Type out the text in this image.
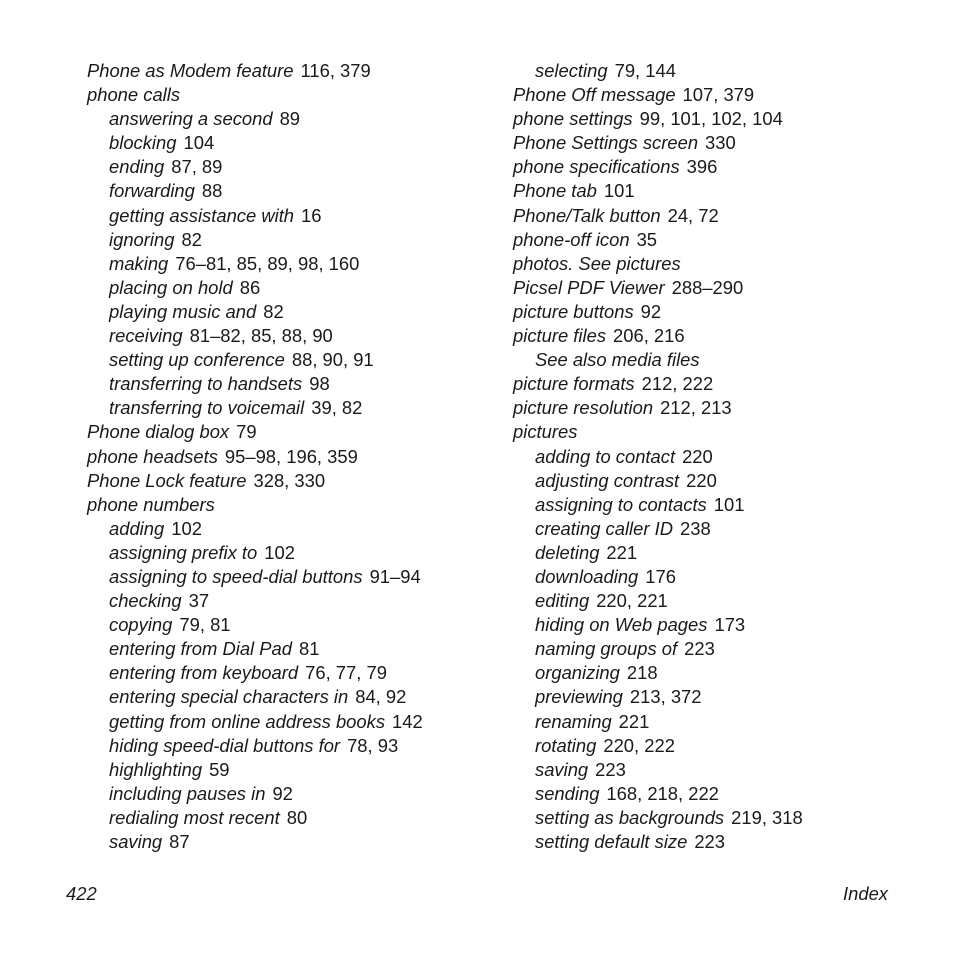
Phone as Modem feature 116, 379
phone calls
answering a second 89
blocking 104
ending 87, 89
forwarding 88
getting assistance with 16
ignoring 82
making 76–81, 85, 89, 98, 160
placing on hold 86
playing music and 82
receiving 81–82, 85, 88, 90
setting up conference 88, 90, 91
transferring to handsets 98
transferring to voicemail 39, 82
Phone dialog box 79
phone headsets 95–98, 196, 359
Phone Lock feature 328, 330
phone numbers
adding 102
assigning prefix to 102
assigning to speed-dial buttons 91–94
checking 37
copying 79, 81
entering from Dial Pad 81
entering from keyboard 76, 77, 79
entering special characters in 84, 92
getting from online address books 142
hiding speed-dial buttons for 78, 93
highlighting 59
including pauses in 92
redialing most recent 80
saving 87
selecting 79, 144
Phone Off message 107, 379
phone settings 99, 101, 102, 104
Phone Settings screen 330
phone specifications 396
Phone tab 101
Phone/Talk button 24, 72
phone-off icon 35
photos. See pictures
Picsel PDF Viewer 288–290
picture buttons 92
picture files 206, 216
See also media files
picture formats 212, 222
picture resolution 212, 213
pictures
adding to contact 220
adjusting contrast 220
assigning to contacts 101
creating caller ID 238
deleting 221
downloading 176
editing 220, 221
hiding on Web pages 173
naming groups of 223
organizing 218
previewing 213, 372
renaming 221
rotating 220, 222
saving 223
sending 168, 218, 222
setting as backgrounds 219, 318
setting default size 223
422	Index
